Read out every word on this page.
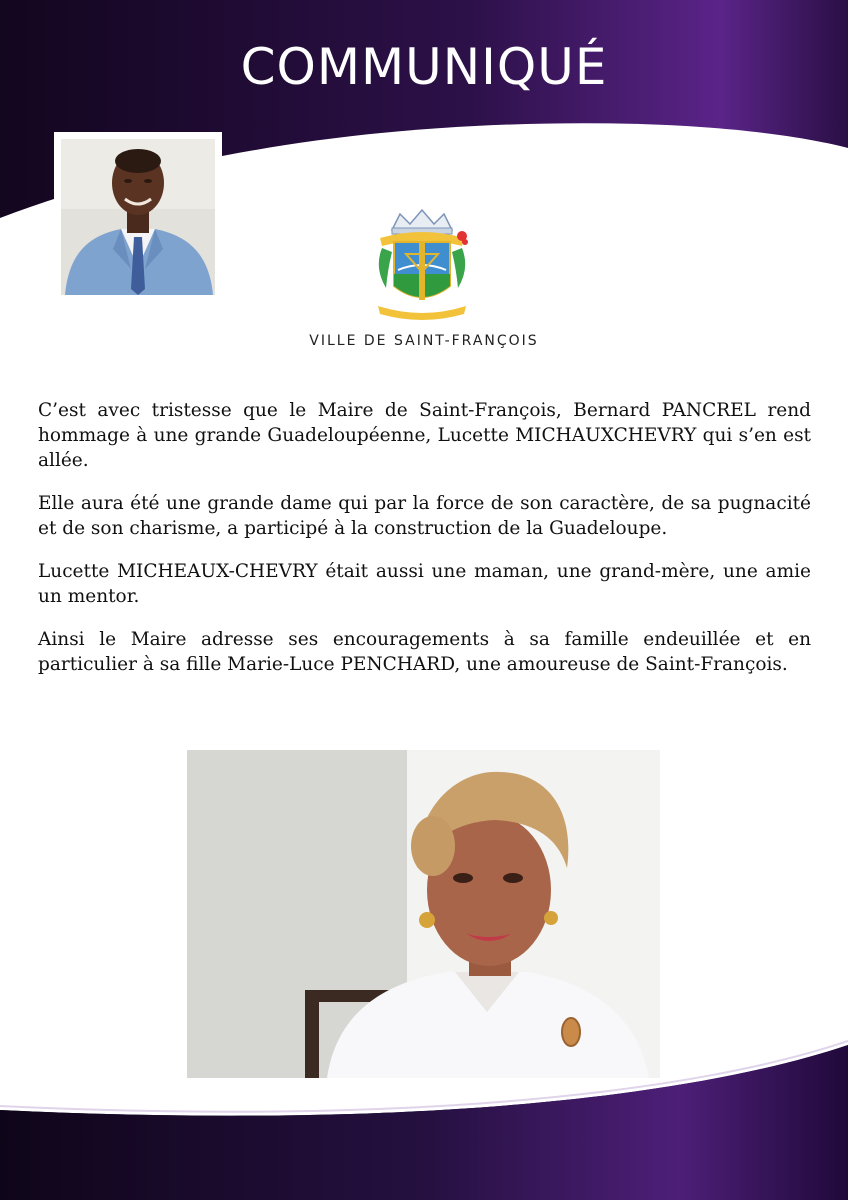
COMMUNIQUÉ
VILLE DE SAINT-FRANÇOIS

C’est avec tristesse que le Maire de Saint-François, Bernard PANCREL rend hommage à une grande Guadeloupéenne, Lucette MICHAUXCHEVRY qui s’en est allée.

Elle aura été une grande dame qui par la force de son caractère, de sa pugnacité et de son charisme, a participé à la construction de la Guadeloupe.

Lucette MICHEAUX-CHEVRY était aussi une maman, une grand-mère, une amie un mentor.

Ainsi le Maire adresse ses encouragements à sa famille endeuillée et en particulier à sa fille Marie-Luce PENCHARD, une amoureuse de Saint-François.
